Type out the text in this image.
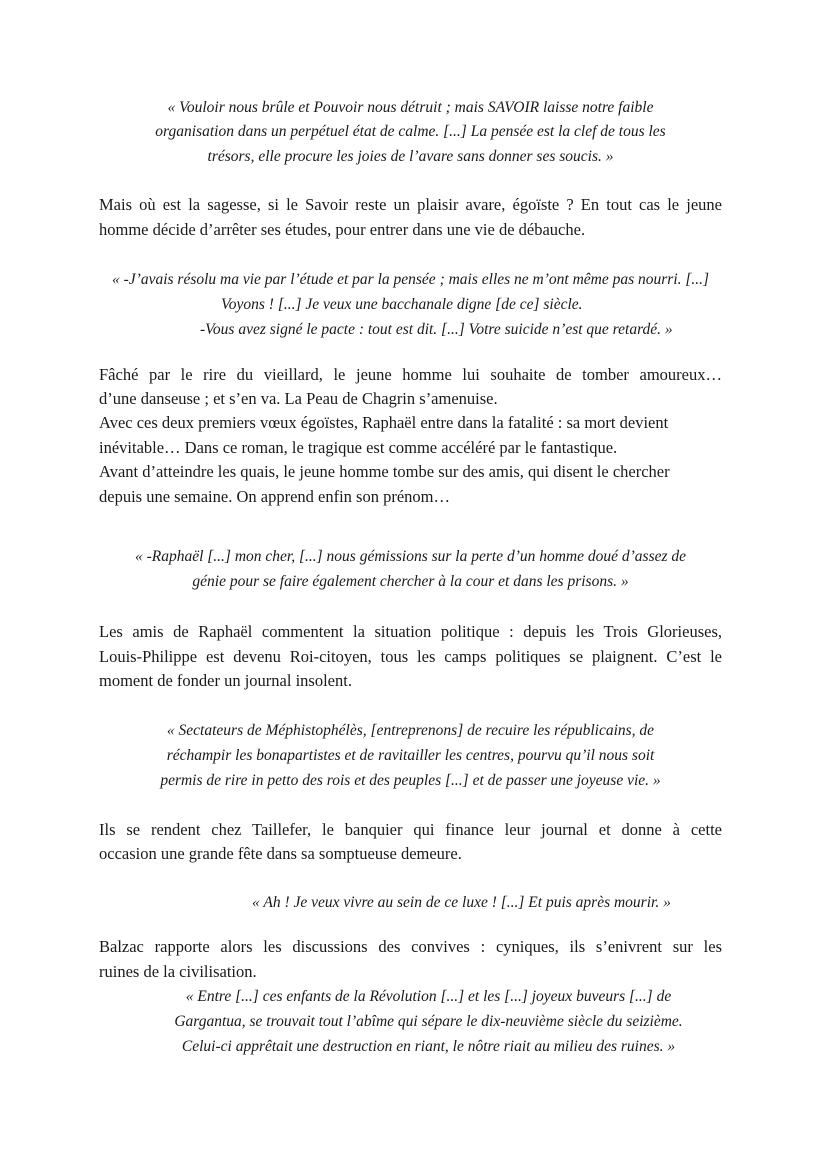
« Vouloir nous brûle et Pouvoir nous détruit ; mais SAVOIR laisse notre faible
organisation dans un perpétuel état de calme. [...] La pensée est la clef de tous les
trésors, elle procure les joies de l’avare sans donner ses soucis. »
Mais où est la sagesse, si le Savoir reste un plaisir avare, égoïste ? En tout cas le jeune
homme décide d’arrêter ses études, pour entrer dans une vie de débauche.
« -J’avais résolu ma vie par l’étude et par la pensée ; mais elles ne m’ont même pas nourri. [...]
Voyons ! [...] Je veux une bacchanale digne [de ce] siècle.
-Vous avez signé le pacte : tout est dit. [...] Votre suicide n’est que retardé. »
Fâché par le rire du vieillard, le jeune homme lui souhaite de tomber amoureux…
d’une danseuse ; et s’en va. La Peau de Chagrin s’amenuise.
Avec ces deux premiers vœux égoïstes, Raphaël entre dans la fatalité : sa mort devient
inévitable… Dans ce roman, le tragique est comme accéléré par le fantastique.
Avant d’atteindre les quais, le jeune homme tombe sur des amis, qui disent le chercher
depuis une semaine. On apprend enfin son prénom…
« -Raphaël [...] mon cher, [...] nous gémissions sur la perte d’un homme doué d’assez de
génie pour se faire également chercher à la cour et dans les prisons. »
Les amis de Raphaël commentent la situation politique : depuis les Trois Glorieuses,
Louis-Philippe est devenu Roi-citoyen, tous les camps politiques se plaignent. C’est le
moment de fonder un journal insolent.
« Sectateurs de Méphistophélès, [entreprenons] de recuire les républicains, de
réchampir les bonapartistes et de ravitailler les centres, pourvu qu’il nous soit
permis de rire in petto des rois et des peuples [...] et de passer une joyeuse vie. »
Ils se rendent chez Taillefer, le banquier qui finance leur journal et donne à cette
occasion une grande fête dans sa somptueuse demeure.
« Ah ! Je veux vivre au sein de ce luxe ! [...] Et puis après mourir. »
Balzac rapporte alors les discussions des convives : cyniques, ils s’enivrent sur les
ruines de la civilisation.
« Entre [...] ces enfants de la Révolution [...] et les [...] joyeux buveurs [...] de
Gargantua, se trouvait tout l’abîme qui sépare le dix-neuvième siècle du seizième.
Celui-ci apprêtait une destruction en riant, le nôtre riait au milieu des ruines. »
